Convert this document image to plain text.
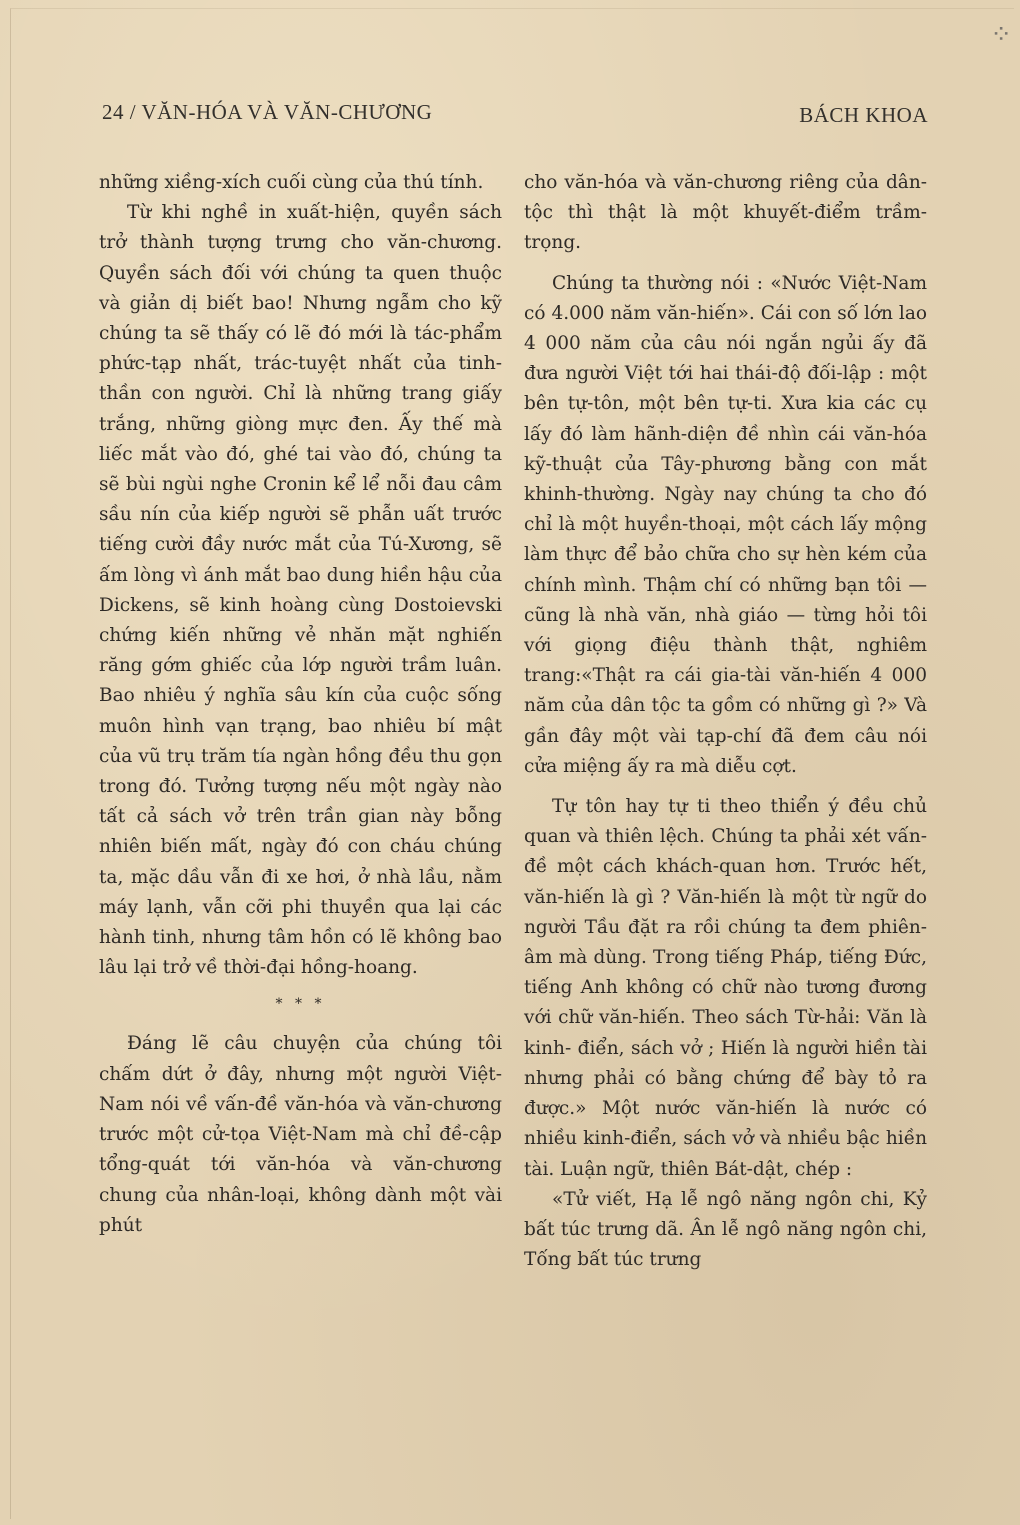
⁘
24 / VĂN-HÓA VÀ VĂN-CHƯƠNG	BÁCH KHOA

những xiềng-xích cuối cùng của thú tính.

Từ khi nghề in xuất-hiện, quyền sách trở thành tượng trưng cho văn-chương. Quyền sách đối với chúng ta quen thuộc và giản dị biết bao! Nhưng ngẫm cho kỹ chúng ta sẽ thấy có lẽ đó mới là tác-phẩm phức-tạp nhất, trác-tuyệt nhất của tinh-thần con người. Chỉ là những trang giấy trắng, những giòng mực đen. Ấy thế mà liếc mắt vào đó, ghé tai vào đó, chúng ta sẽ bùi ngùi nghe Cronin kể lể nỗi đau câm sầu nín của kiếp người sẽ phẫn uất trước tiếng cười đầy nước mắt của Tú-Xương, sẽ ấm lòng vì ánh mắt bao dung hiền hậu của Dickens, sẽ kinh hoàng cùng Dostoievski chứng kiến những vẻ nhăn mặt nghiến răng gớm ghiếc của lớp người trầm luân. Bao nhiêu ý nghĩa sâu kín của cuộc sống muôn hình vạn trạng, bao nhiêu bí mật của vũ trụ trăm tía ngàn hồng đều thu gọn trong đó. Tưởng tượng nếu một ngày nào tất cả sách vở trên trần gian này bỗng nhiên biến mất, ngày đó con cháu chúng ta, mặc dầu vẫn đi xe hơi, ở nhà lầu, nằm máy lạnh, vẫn cỡi phi thuyền qua lại các hành tinh, nhưng tâm hồn có lẽ không bao lâu lại trở về thời-đại hồng-hoang.

* * *

Đáng lẽ câu chuyện của chúng tôi chấm dứt ở đây, nhưng một người Việt-Nam nói về vấn-đề văn-hóa và văn-chương trước một cử-tọa Việt-Nam mà chỉ đề-cập tổng-quát tới văn-hóa và văn-chương chung của nhân-loại, không dành một vài phút

cho văn-hóa và văn-chương riêng của dân-tộc thì thật là một khuyết-điểm trầm-trọng.

Chúng ta thường nói : «Nước Việt-Nam có 4.000 năm văn-hiến». Cái con số lớn lao 4 000 năm của câu nói ngắn ngủi ấy đã đưa người Việt tới hai thái-độ đối-lập : một bên tự-tôn, một bên tự-ti. Xưa kia các cụ lấy đó làm hãnh-diện đề nhìn cái văn-hóa kỹ-thuật của Tây-phương bằng con mắt khinh-thường. Ngày nay chúng ta cho đó chỉ là một huyền-thoại, một cách lấy mộng làm thực để bảo chữa cho sự hèn kém của chính mình. Thậm chí có những bạn tôi — cũng là nhà văn, nhà giáo — từng hỏi tôi với giọng điệu thành thật, nghiêm trang:«Thật ra cái gia-tài văn-hiến 4 000 năm của dân tộc ta gồm có những gì ?» Và gần đây một vài tạp-chí đã đem câu nói cửa miệng ấy ra mà diễu cợt.

Tự tôn hay tự ti theo thiển ý đều chủ quan và thiên lệch. Chúng ta phải xét vấn-đề một cách khách-quan hơn. Trước hết, văn-hiến là gì ? Văn-hiến là một từ ngữ do người Tầu đặt ra rồi chúng ta đem phiên-âm mà dùng. Trong tiếng Pháp, tiếng Đức, tiếng Anh không có chữ nào tương đương với chữ văn-hiến. Theo sách Từ-hải: Văn là kinh- điển, sách vở ; Hiến là người hiền tài nhưng phải có bằng chứng để bày tỏ ra được.» Một nước văn-hiến là nước có nhiều kinh-điển, sách vở và nhiều bậc hiền tài. Luận ngữ, thiên Bát-dật, chép :

«Tử viết, Hạ lễ ngô năng ngôn chi, Kỷ bất túc trưng dã. Ân lễ ngô năng ngôn chi, Tống bất túc trưng
